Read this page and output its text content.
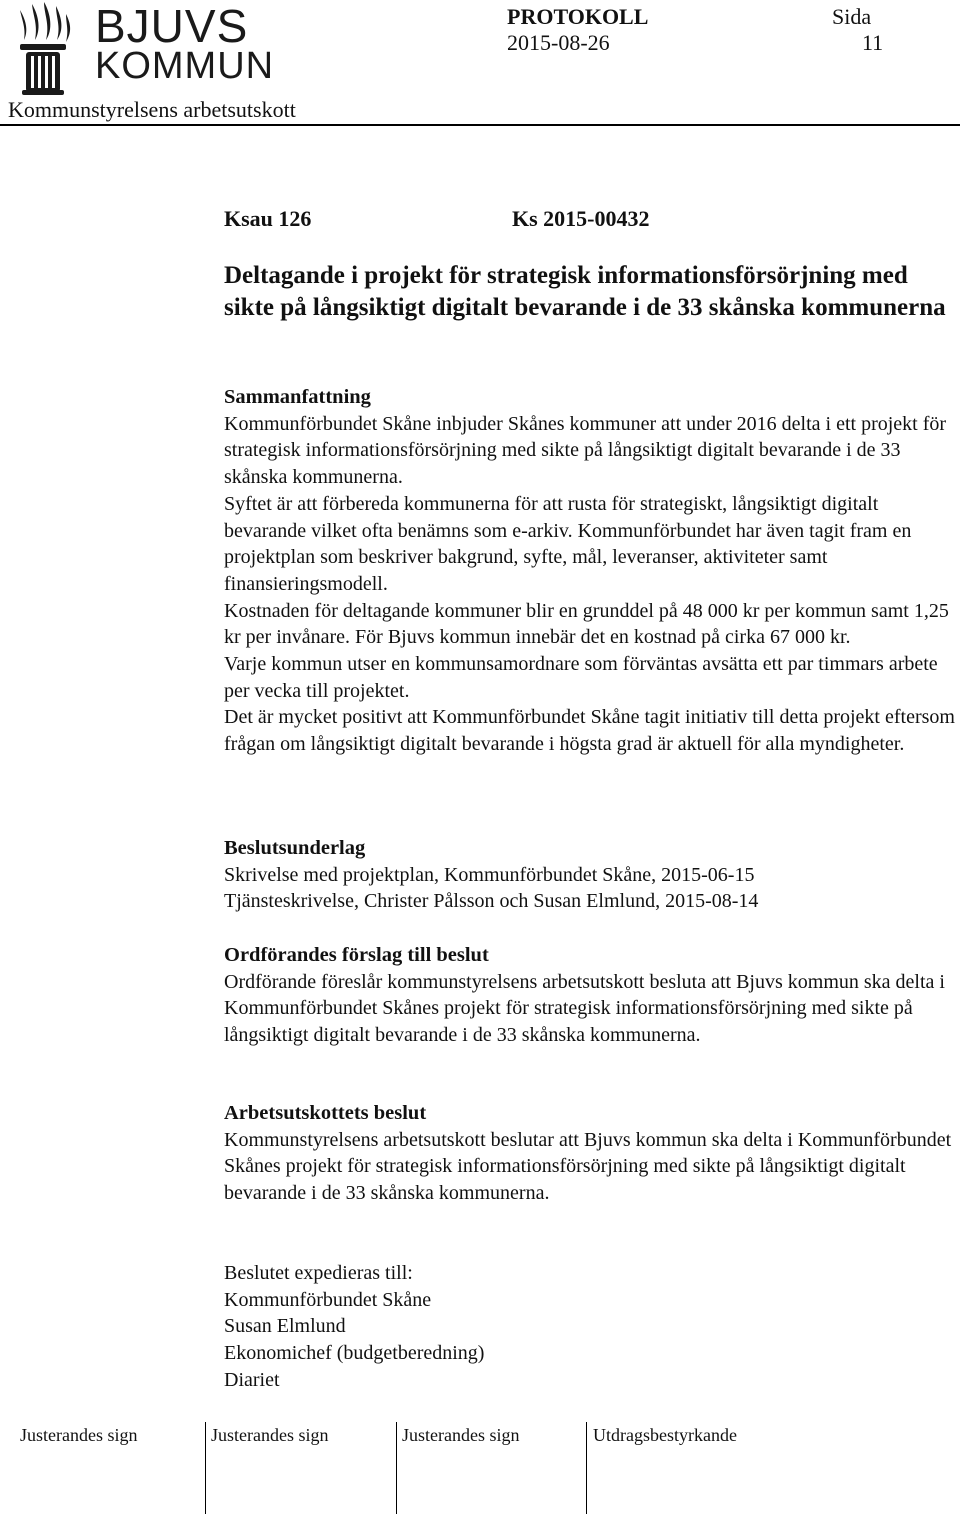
BJUVS
KOMMUN
PROTOKOLL
2015-08-26
Sida
11
Kommunstyrelsens arbetsutskott
Ksau 126	Ks 2015-00432
Deltagande i projekt för strategisk informationsförsörjning med sikte på långsiktigt digitalt bevarande i de 33 skånska kommunerna
Sammanfattning

Kommunförbundet Skåne inbjuder Skånes kommuner att under 2016 delta i ett projekt för strategisk informationsförsörjning med sikte på långsiktigt digitalt bevarande i de 33 skånska kommunerna.

Syftet är att förbereda kommunerna för att rusta för strategiskt, långsiktigt digitalt bevarande vilket ofta benämns som e-arkiv. Kommunförbundet har även tagit fram en projektplan som beskriver bakgrund, syfte, mål, leveranser, aktiviteter samt finansieringsmodell.

Kostnaden för deltagande kommuner blir en grunddel på 48 000 kr per kommun samt 1,25 kr per invånare. För Bjuvs kommun innebär det en kostnad på cirka 67 000 kr.

Varje kommun utser en kommunsamordnare som förväntas avsätta ett par timmars arbete per vecka till projektet.

Det är mycket positivt att Kommunförbundet Skåne tagit initiativ till detta projekt eftersom frågan om långsiktigt digitalt bevarande i högsta grad är aktuell för alla myndigheter.

Beslutsunderlag

Skrivelse med projektplan, Kommunförbundet Skåne, 2015-06-15

Tjänsteskrivelse, Christer Pålsson och Susan Elmlund, 2015-08-14

Ordförandes förslag till beslut

Ordförande föreslår kommunstyrelsens arbetsutskott besluta att Bjuvs kommun ska delta i Kommunförbundet Skånes projekt för strategisk informationsförsörjning med sikte på långsiktigt digitalt bevarande i de 33 skånska kommunerna.

Arbetsutskottets beslut

Kommunstyrelsens arbetsutskott beslutar att Bjuvs kommun ska delta i Kommunförbundet Skånes projekt för strategisk informationsförsörjning med sikte på långsiktigt digitalt bevarande i de 33 skånska kommunerna.

Beslutet expedieras till:

Kommunförbundet Skåne

Susan Elmlund

Ekonomichef (budgetberedning)

Diariet

Justerandes sign	Justerandes sign	Justerandes sign	Utdragsbestyrkande
